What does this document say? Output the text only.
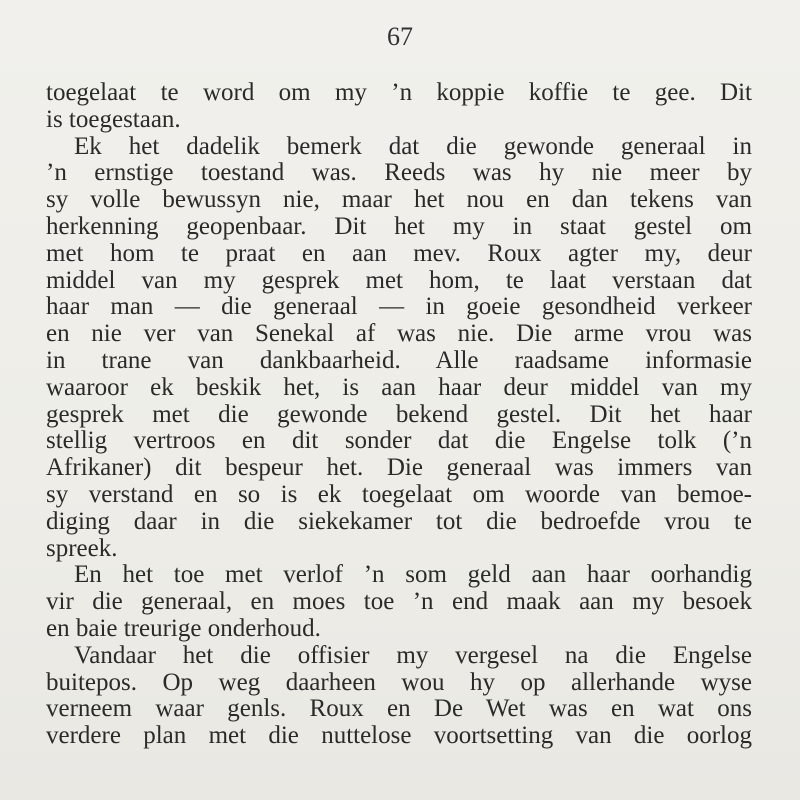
67
toegelaat te word om my ’n koppie koffie te gee. Dit
is toegestaan.
Ek het dadelik bemerk dat die gewonde generaal in
’n ernstige toestand was. Reeds was hy nie meer by
sy volle bewussyn nie, maar het nou en dan tekens van
herkenning geopenbaar. Dit het my in staat gestel om
met hom te praat en aan mev. Roux agter my, deur
middel van my gesprek met hom, te laat verstaan dat
haar man — die generaal — in goeie gesondheid verkeer
en nie ver van Senekal af was nie. Die arme vrou was
in trane van dankbaarheid. Alle raadsame informasie
waaroor ek beskik het, is aan haar deur middel van my
gesprek met die gewonde bekend gestel. Dit het haar
stellig vertroos en dit sonder dat die Engelse tolk (’n
Afrikaner) dit bespeur het. Die generaal was immers van
sy verstand en so is ek toegelaat om woorde van bemoe-
diging daar in die siekekamer tot die bedroefde vrou te
spreek.
En het toe met verlof ’n som geld aan haar oorhandig
vir die generaal, en moes toe ’n end maak aan my besoek
en baie treurige onderhoud.
Vandaar het die offisier my vergesel na die Engelse
buitepos. Op weg daarheen wou hy op allerhande wyse
verneem waar genls. Roux en De Wet was en wat ons
verdere plan met die nuttelose voortsetting van die oorlog
